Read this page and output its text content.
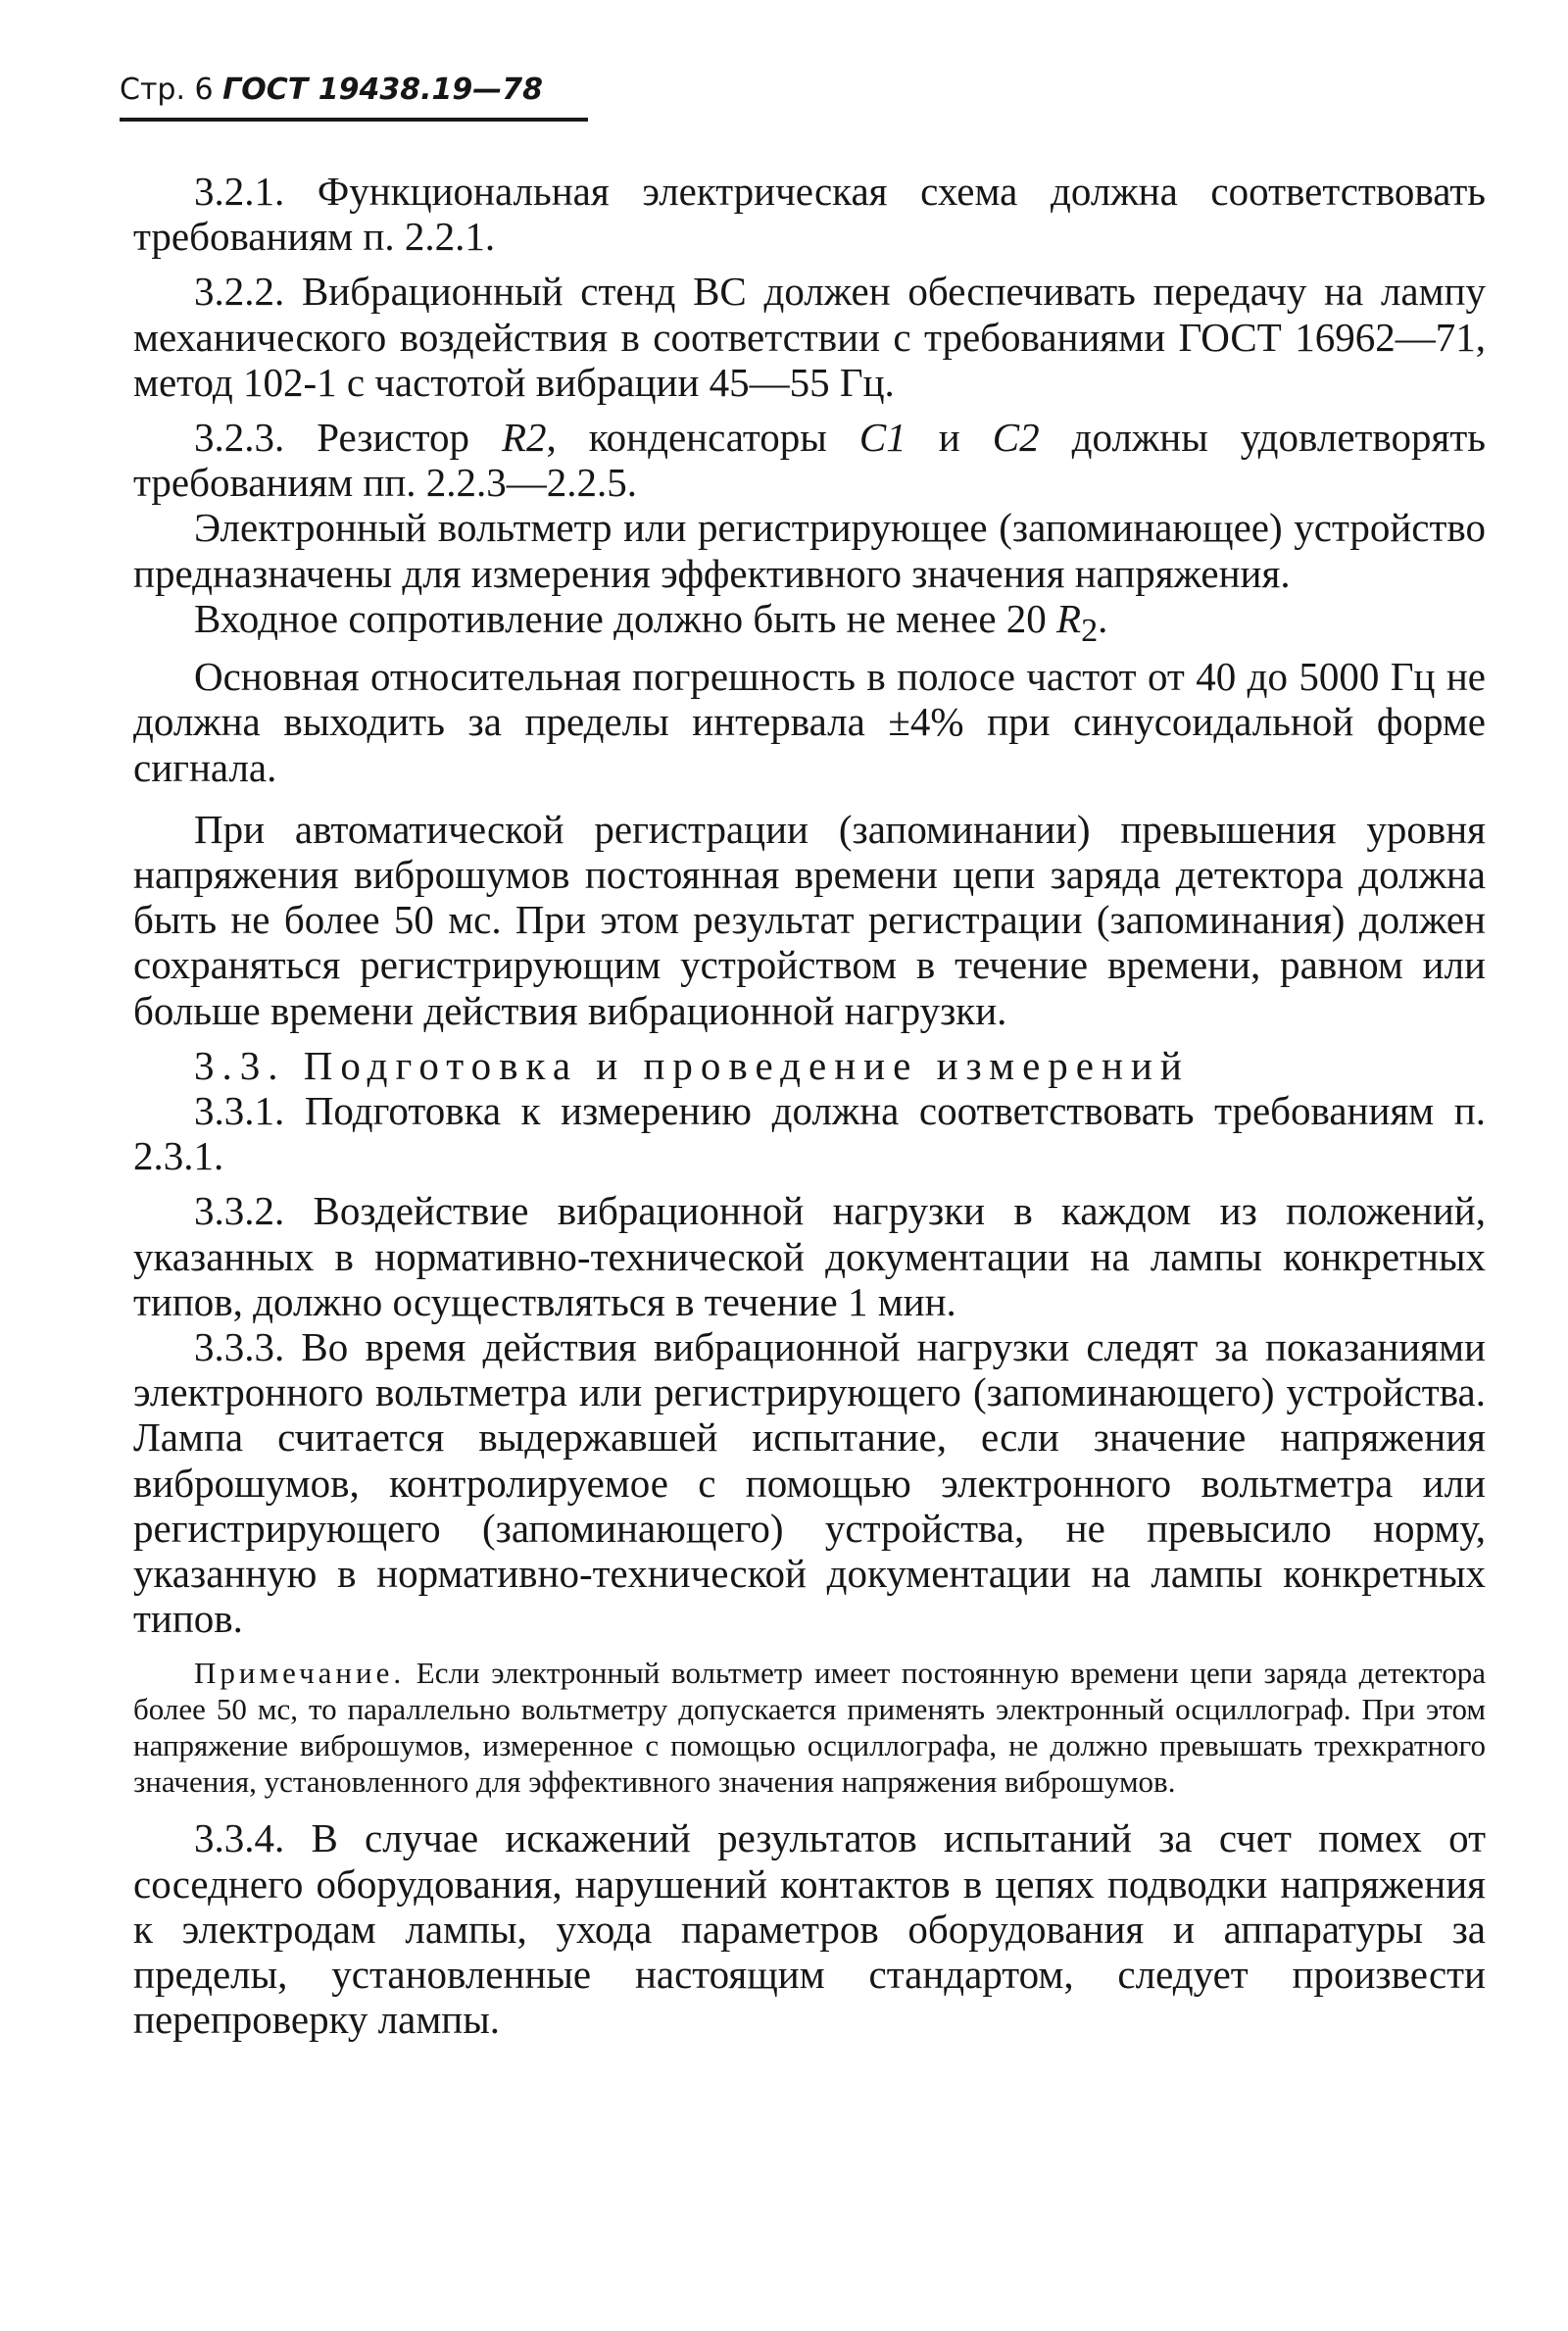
Стр. 6 ГОСТ 19438.19—78

3.2.1. Функциональная электрическая схема должна соответствовать требованиям п. 2.2.1.

3.2.2. Вибрационный стенд ВС должен обеспечивать передачу на лампу механического воздействия в соответствии с требованиями ГОСТ 16962—71, метод 102-1 с частотой вибрации 45—55 Гц.

3.2.3. Резистор R2, конденсаторы C1 и C2 должны удовлетворять требованиям пп. 2.2.3—2.2.5.

Электронный вольтметр или регистрирующее (запоминающее) устройство предназначены для измерения эффективного значения напряжения.

Входное сопротивление должно быть не менее 20 $R_2$.

Основная относительная погрешность в полосе частот от 40 до 5000 Гц не должна выходить за пределы интервала ±4% при синусоидальной форме сигнала.

При автоматической регистрации (запоминании) превышения уровня напряжения виброшумов постоянная времени цепи заряда детектора должна быть не более 50 мс. При этом результат регистрации (запоминания) должен сохраняться регистрирующим устройством в течение времени, равном или больше времени действия вибрационной нагрузки.

3.3. Подготовка и проведение измерений

3.3.1. Подготовка к измерению должна соответствовать требованиям п. 2.3.1.

3.3.2. Воздействие вибрационной нагрузки в каждом из положений, указанных в нормативно-технической документации на лампы конкретных типов, должно осуществляться в течение 1 мин.

3.3.3. Во время действия вибрационной нагрузки следят за показаниями электронного вольтметра или регистрирующего (запоминающего) устройства. Лампа считается выдержавшей испытание, если значение напряжения виброшумов, контролируемое с помощью электронного вольтметра или регистрирующего (запоминающего) устройства, не превысило норму, указанную в нормативно-технической документации на лампы конкретных типов.

Примечание. Если электронный вольтметр имеет постоянную времени цепи заряда детектора более 50 мс, то параллельно вольтметру допускается применять электронный осциллограф. При этом напряжение виброшумов, измеренное с помощью осциллографа, не должно превышать трехкратного значения, установленного для эффективного значения напряжения виброшумов.

3.3.4. В случае искажений результатов испытаний за счет помех от соседнего оборудования, нарушений контактов в цепях подводки напряжения к электродам лампы, ухода параметров оборудования и аппаратуры за пределы, установленные настоящим стандартом, следует произвести перепроверку лампы.
